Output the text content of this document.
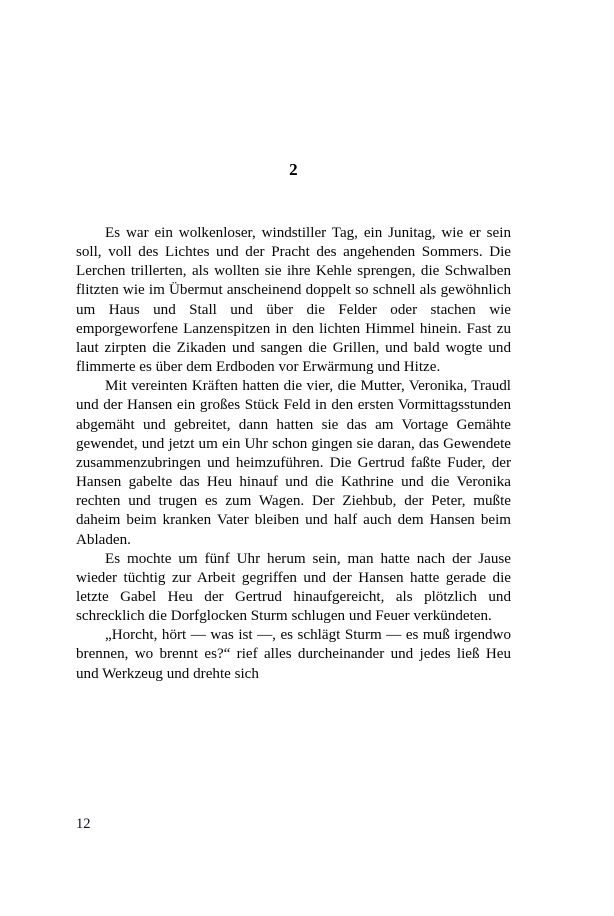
2

Es war ein wolkenloser, windstiller Tag, ein Junitag, wie er sein soll, voll des Lichtes und der Pracht des angehenden Sommers. Die Lerchen trillerten, als wollten sie ihre Kehle sprengen, die Schwalben flitzten wie im Übermut anscheinend doppelt so schnell als gewöhnlich um Haus und Stall und über die Felder oder stachen wie emporgeworfene Lanzenspitzen in den lichten Himmel hinein. Fast zu laut zirpten die Zikaden und sangen die Grillen, und bald wogte und flimmerte es über dem Erdboden vor Erwärmung und Hitze.

Mit vereinten Kräften hatten die vier, die Mutter, Veronika, Traudl und der Hansen ein großes Stück Feld in den ersten Vormittagsstunden abgemäht und gebreitet, dann hatten sie das am Vortage Gemähte gewendet, und jetzt um ein Uhr schon gingen sie daran, das Gewendete zusammenzubringen und heimzuführen. Die Gertrud faßte Fuder, der Hansen gabelte das Heu hinauf und die Kathrine und die Veronika rechten und trugen es zum Wagen. Der Ziehbub, der Peter, mußte daheim beim kranken Vater bleiben und half auch dem Hansen beim Abladen.

Es mochte um fünf Uhr herum sein, man hatte nach der Jause wieder tüchtig zur Arbeit gegriffen und der Hansen hatte gerade die letzte Gabel Heu der Gertrud hinaufgereicht, als plötzlich und schrecklich die Dorfglocken Sturm schlugen und Feuer verkündeten.

„Horcht, hört — was ist —, es schlägt Sturm — es muß irgendwo brennen, wo brennt es?“ rief alles durcheinander und jedes ließ Heu und Werkzeug und drehte sich

12
